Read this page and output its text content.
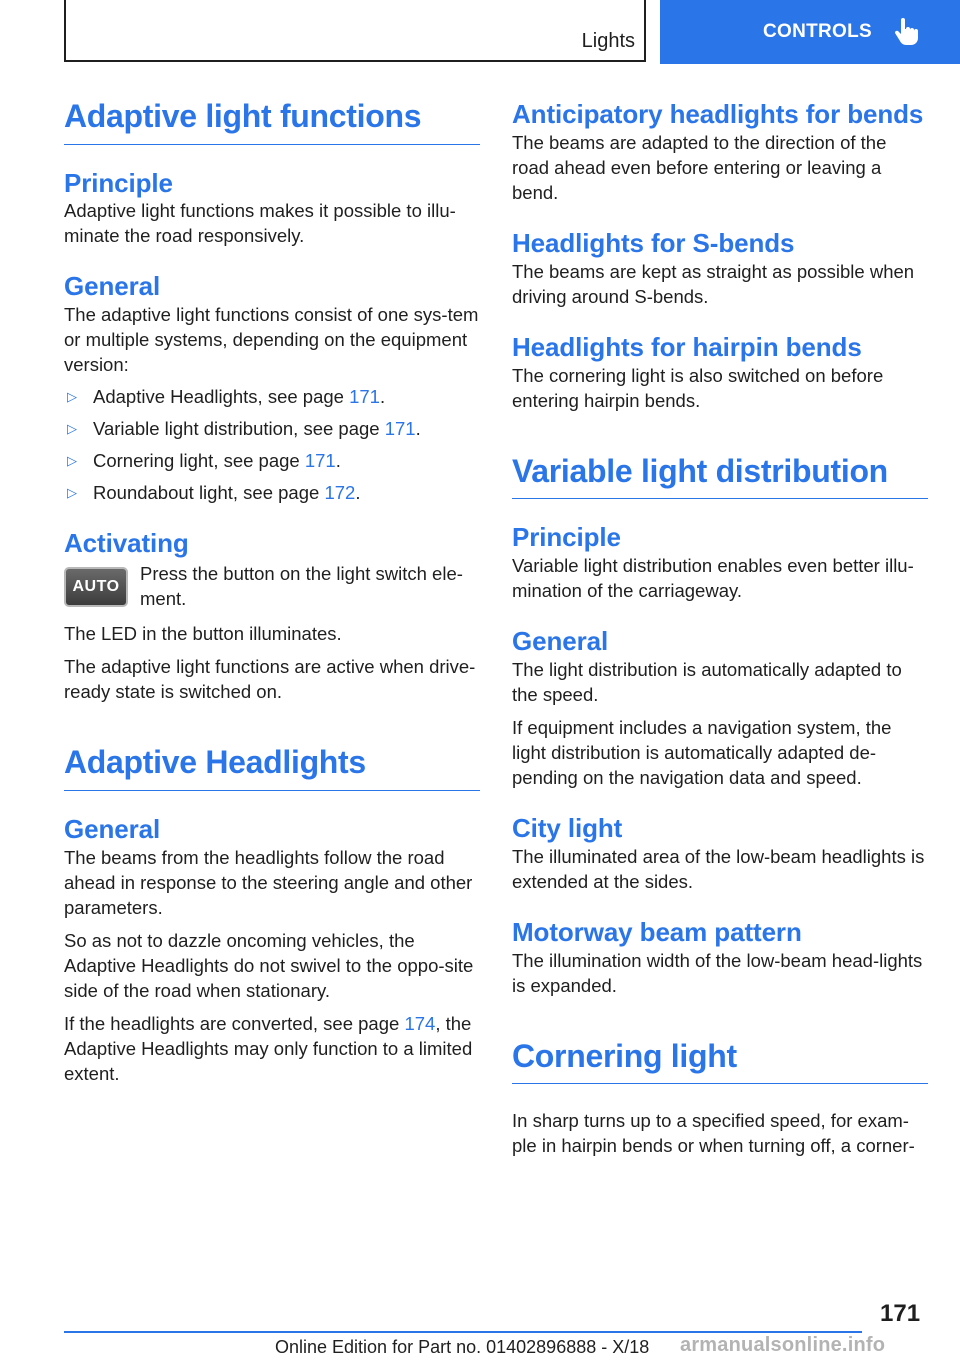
Lights	CONTROLS
Adaptive light functions
Principle

Adaptive light functions makes it possible to illu-minate the road responsively.

General

The adaptive light functions consist of one sys-tem or multiple systems, depending on the equipment version:

▷ Adaptive Headlights, see page 171.
▷ Variable light distribution, see page 171.
▷ Cornering light, see page 171.
▷ Roundabout light, see page 172.
Activating
AUTO

Press the button on the light switch ele-ment.

The LED in the button illuminates.

The adaptive light functions are active when drive-ready state is switched on.

Adaptive Headlights
General

The beams from the headlights follow the road ahead in response to the steering angle and other parameters.

So as not to dazzle oncoming vehicles, the Adaptive Headlights do not swivel to the oppo-site side of the road when stationary.

If the headlights are converted, see page 174, the Adaptive Headlights may only function to a limited extent.

Anticipatory headlights for bends

The beams are adapted to the direction of the road ahead even before entering or leaving a bend.

Headlights for S-bends

The beams are kept as straight as possible when driving around S-bends.

Headlights for hairpin bends

The cornering light is also switched on before entering hairpin bends.

Variable light distribution
Principle

Variable light distribution enables even better illu-mination of the carriageway.

General

The light distribution is automatically adapted to the speed.

If equipment includes a navigation system, the light distribution is automatically adapted de-pending on the navigation data and speed.

City light

The illuminated area of the low-beam headlights is extended at the sides.

Motorway beam pattern

The illumination width of the low-beam head-lights is expanded.

Cornering light

In sharp turns up to a specified speed, for exam-ple in hairpin bends or when turning off, a corner-

171
Online Edition for Part no. 01402896888 - X/18 armanualsonline.info
